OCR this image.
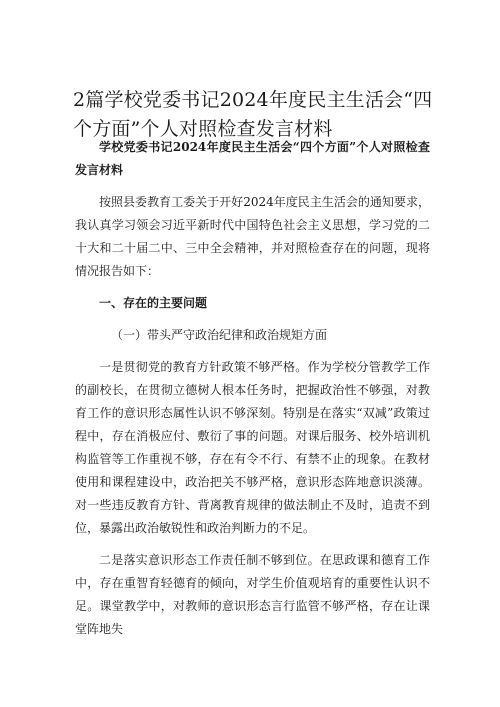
2篇学校党委书记2024年度民主生活会“四个方面”个人对照检查发言材料

学校党委书记2024年度民主生活会“四个方面”个人对照检查发言材料

按照县委教育工委关于开好2024年度民主生活会的通知要求，我认真学习领会习近平新时代中国特色社会主义思想，学习党的二十大和二十届二中、三中全会精神，并对照检查存在的问题，现将情况报告如下：

一、存在的主要问题

（一）带头严守政治纪律和政治规矩方面

一是贯彻党的教育方针政策不够严格。作为学校分管教学工作的副校长，在贯彻立德树人根本任务时，把握政治性不够强，对教育工作的意识形态属性认识不够深刻。特别是在落实“双减”政策过程中，存在消极应付、敷衍了事的问题。对课后服务、校外培训机构监管等工作重视不够，存在有令不行、有禁不止的现象。在教材使用和课程建设中，政治把关不够严格，意识形态阵地意识淡薄。对一些违反教育方针、背离教育规律的做法制止不及时，追责不到位，暴露出政治敏锐性和政治判断力的不足。

二是落实意识形态工作责任制不够到位。在思政课和德育工作中，存在重智育轻德育的倾向，对学生价值观培育的重要性认识不足。课堂教学中，对教师的意识形态言行监管不够严格，存在让课堂阵地失
